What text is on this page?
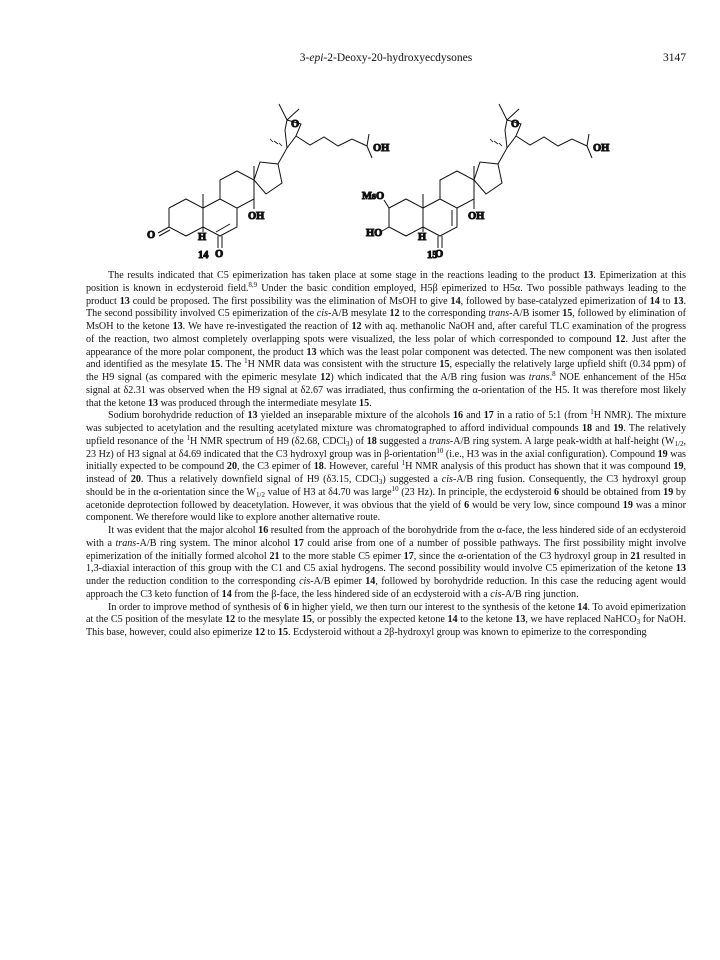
3-epi-2-Deoxy-20-hydroxyecdysones	3147
OH
O	H
O
O
OH
14
OH
MsO
HO	H
O
O
OH
15

The results indicated that C5 epimerization has taken place at some stage in the reactions leading to the product 13. Epimerization at this position is known in ecdysteroid field.$^{8,9}$ Under the basic condition employed, H5β epimerized to H5α. Two possible pathways leading to the product 13 could be proposed. The first possibility was the elimination of MsOH to give 14, followed by base-catalyzed epimerization of 14 to 13. The second possibility involved C5 epimerization of the cis-A/B mesylate 12 to the corresponding trans-A/B isomer 15, followed by elimination of MsOH to the ketone 13. We have re-investigated the reaction of 12 with aq. methanolic NaOH and, after careful TLC examination of the progress of the reaction, two almost completely overlapping spots were visualized, the less polar of which corresponded to compound 12. Just after the appearance of the more polar component, the product 13 which was the least polar component was detected. The new component was then isolated and identified as the mesylate 15. The $^1$H NMR data was consistent with the structure 15, especially the relatively large upfield shift (0.34 ppm) of the H9 signal (as compared with the epimeric mesylate 12) which indicated that the A/B ring fusion was trans.$^8$ NOE enhancement of the H5α signal at δ2.31 was observed when the H9 signal at δ2.67 was irradiated, thus confirming the α-orientation of the H5. It was therefore most likely that the ketone 13 was produced through the intermediate mesylate 15.

Sodium borohydride reduction of 13 yielded an inseparable mixture of the alcohols 16 and 17 in a ratio of 5:1 (from $^1$H NMR). The mixture was subjected to acetylation and the resulting acetylated mixture was chromatographed to afford individual compounds 18 and 19. The relatively upfield resonance of the $^1$H NMR spectrum of H9 (δ2.68, CDCl$_3$) of 18 suggested a trans-A/B ring system. A large peak-width at half-height ($W_{1/2}$, 23 Hz) of H3 signal at δ4.69 indicated that the C3 hydroxyl group was in β-orientation$^{10}$ (i.e., H3 was in the axial configuration). Compound 19 was initially expected to be compound 20, the C3 epimer of 18. However, careful $^1$H NMR analysis of this product has shown that it was compound 19, instead of 20. Thus a relatively downfield signal of H9 (δ3.15, CDCl$_3$) suggested a cis-A/B ring fusion. Consequently, the C3 hydroxyl group should be in the α-orientation since the $W_{1/2}$ value of H3 at δ4.70 was large$^{10}$ (23 Hz). In principle, the ecdysteroid 6 should be obtained from 19 by acetonide deprotection followed by deacetylation. However, it was obvious that the yield of 6 would be very low, since compound 19 was a minor component. We therefore would like to explore another alternative route.

It was evident that the major alcohol 16 resulted from the approach of the borohydride from the α-face, the less hindered side of an ecdysteroid with a trans-A/B ring system. The minor alcohol 17 could arise from one of a number of possible pathways. The first possibility might involve epimerization of the initially formed alcohol 21 to the more stable C5 epimer 17, since the α-orientation of the C3 hydroxyl group in 21 resulted in 1,3-diaxial interaction of this group with the C1 and C5 axial hydrogens. The second possibility would involve C5 epimerization of the ketone 13 under the reduction condition to the corresponding cis-A/B epimer 14, followed by borohydride reduction. In this case the reducing agent would approach the C3 keto function of 14 from the β-face, the less hindered side of an ecdysteroid with a cis-A/B ring junction.

In order to improve method of synthesis of 6 in higher yield, we then turn our interest to the synthesis of the ketone 14. To avoid epimerization at the C5 position of the mesylate 12 to the mesylate 15, or possibly the expected ketone 14 to the ketone 13, we have replaced NaHCO$_3$ for NaOH. This base, however, could also epimerize 12 to 15. Ecdysteroid without a 2β-hydroxyl group was known to epimerize to the corresponding
